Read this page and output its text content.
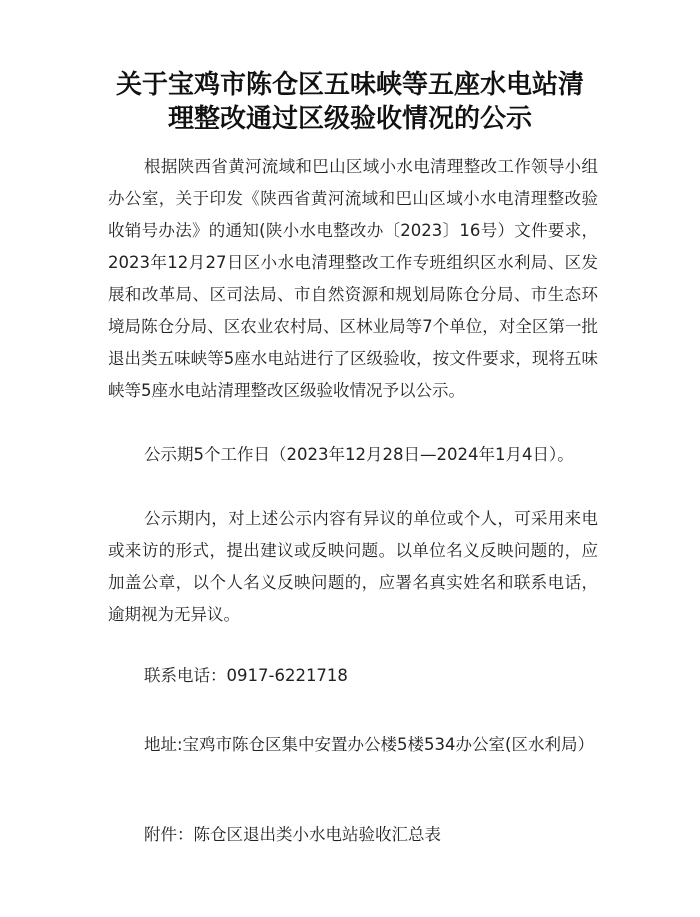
关于宝鸡市陈仓区五味峡等五座水电站清
理整改通过区级验收情况的公示
根据陕西省黄河流域和巴山区域小水电清理整改工作领导小组办公室，关于印发《陕西省黄河流域和巴山区域小水电清理整改验收销号办法》的通知(陕小水电整改办〔2023〕16号）文件要求，2023年12月27日区小水电清理整改工作专班组织区水利局、区发展和改革局、区司法局、市自然资源和规划局陈仓分局、市生态环境局陈仓分局、区农业农村局、区林业局等7个单位，对全区第一批退出类五味峡等5座水电站进行了区级验收，按文件要求，现将五味峡等5座水电站清理整改区级验收情况予以公示。
公示期5个工作日（2023年12月28日—2024年1月4日）。
公示期内，对上述公示内容有异议的单位或个人，可采用来电或来访的形式，提出建议或反映问题。以单位名义反映问题的，应加盖公章，以个人名义反映问题的，应署名真实姓名和联系电话，逾期视为无异议。
联系电话：0917-6221718
地址:宝鸡市陈仓区集中安置办公楼5楼534办公室(区水利局）
附件：陈仓区退出类小水电站验收汇总表
